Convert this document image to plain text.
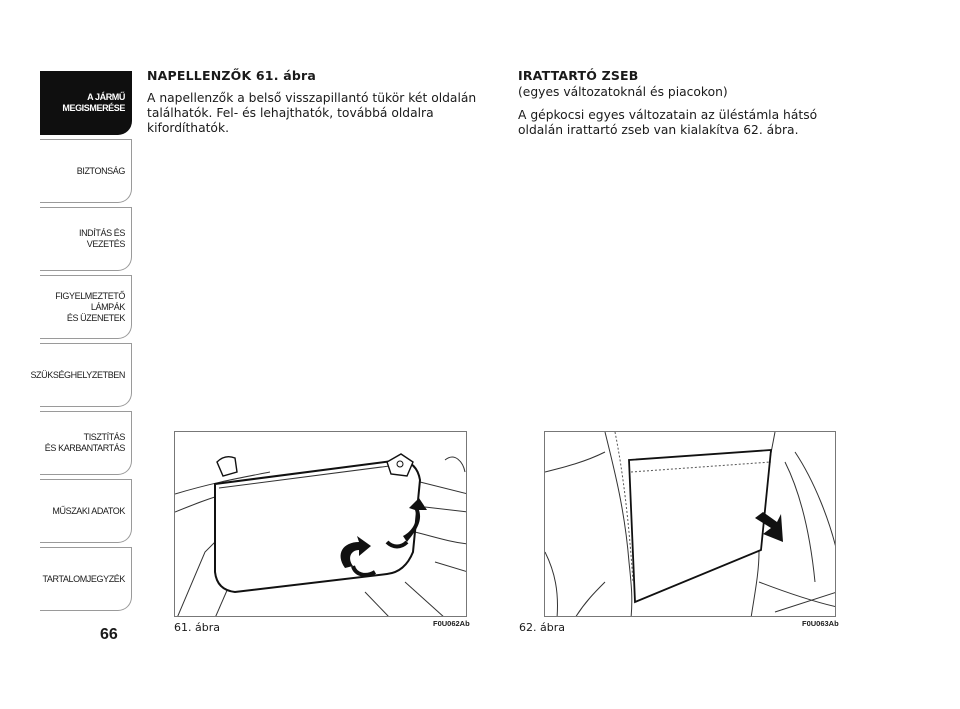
A JÁRMŰ
MEGISMERÉSE
BIZTONSÁG
INDÍTÁS ÉS VEZETÉS
FIGYELMEZTETŐ
LÁMPÁK
ÉS ÜZENETEK
SZÜKSÉGHELYZETBEN
TISZTÍTÁS
ÉS KARBANTARTÁS
MŰSZAKI ADATOK
TARTALOMJEGYZÉK
66

NAPELLENZŐK 61. ábra

A napellenzők a belső visszapillantó tükör két oldalán találhatók. Fel- és lehajthatók, továbbá oldalra kifordíthatók.

IRATTARTÓ ZSEB

(egyes változatoknál és piacokon)

A gépkocsi egyes változatain az üléstámla hátsó oldalán irattartó zseb van kialakítva 62. ábra.

61. ábra	F0U062Ab	62. ábra	F0U063Ab
